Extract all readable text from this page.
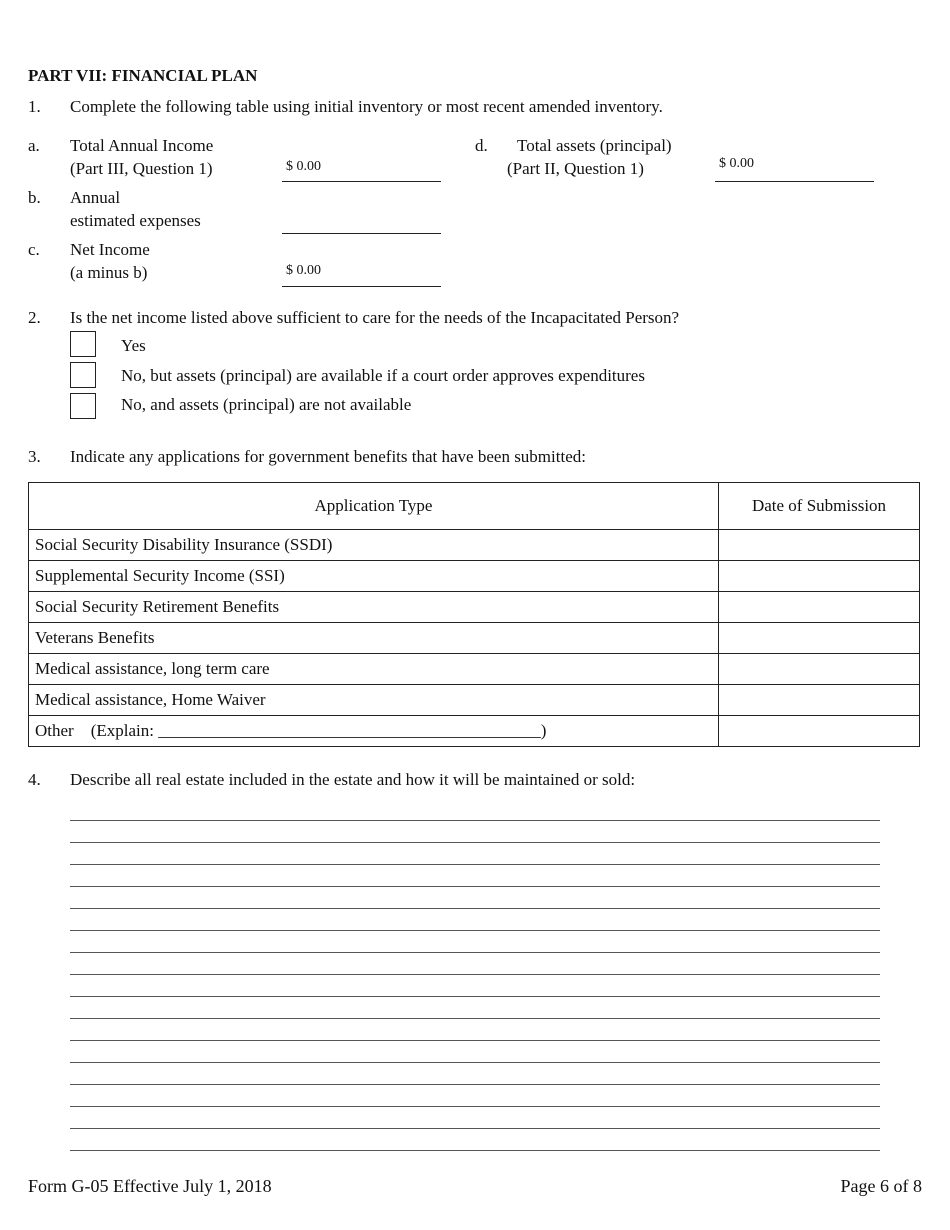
PART VII: FINANCIAL PLAN
1. Complete the following table using initial inventory or most recent amended inventory.
a. Total Annual Income
(Part III, Question 1)	$ 0.00
b. Annual
estimated expenses
c. Net Income
(a minus b)	$ 0.00
d. Total assets (principal)
(Part II, Question 1)	$ 0.00
2. Is the net income listed above sufficient to care for the needs of the Incapacitated Person?
Yes
No, but assets (principal) are available if a court order approves expenditures
No, and assets (principal) are not available
3. Indicate any applications for government benefits that have been submitted:
Application Type	Date of Submission
Social Security Disability Insurance (SSDI)	
Supplemental Security Income (SSI)	
Social Security Retirement Benefits	
Veterans Benefits	
Medical assistance, long term care	
Medical assistance, Home Waiver	
Other    (Explain: _____________________________________________)	
4. Describe all real estate included in the estate and how it will be maintained or sold:
Form G-05 Effective July 1, 2018	Page 6 of 8
